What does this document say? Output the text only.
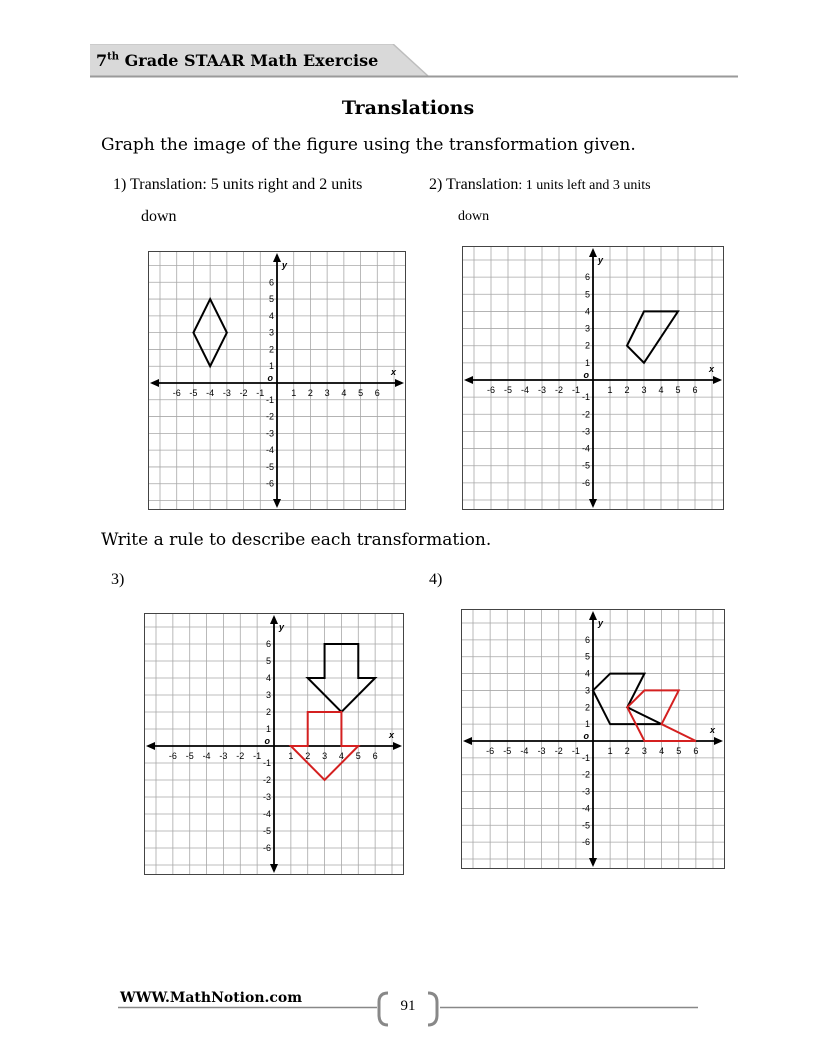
7th Grade STAAR Math Exercise
Translations
Graph the image of the figure using the transformation given.
1) Translation: 5 units right and 2 units
down
2) Translation: 1 units left and 3 units
down
-6 -5 -4 -3 -2 -1	1 2 3 4 5 6
6
5
4
3
2
1
-1
-2
-3
-4
-5
-6
o
x
y
-6 -5 -4 -3 -2 -1	1 2 3 4 5 6
6
5
4
3
2
1
-1
-2
-3
-4
-5
-6
o
x
y
Write a rule to describe each transformation.
3)	4)
-6 -5 -4 -3 -2 -1	1 2 3 4 5 6
6
5
4
3
2
1
-1
-2
-3
-4
-5
-6
o
x
y
-6 -5 -4 -3 -2 -1	1 2 3 4 5 6
6
5
4
3
2
1
-1
-2
-3
-4
-5
-6
o
x
y
WWW.MathNotion.com	91
